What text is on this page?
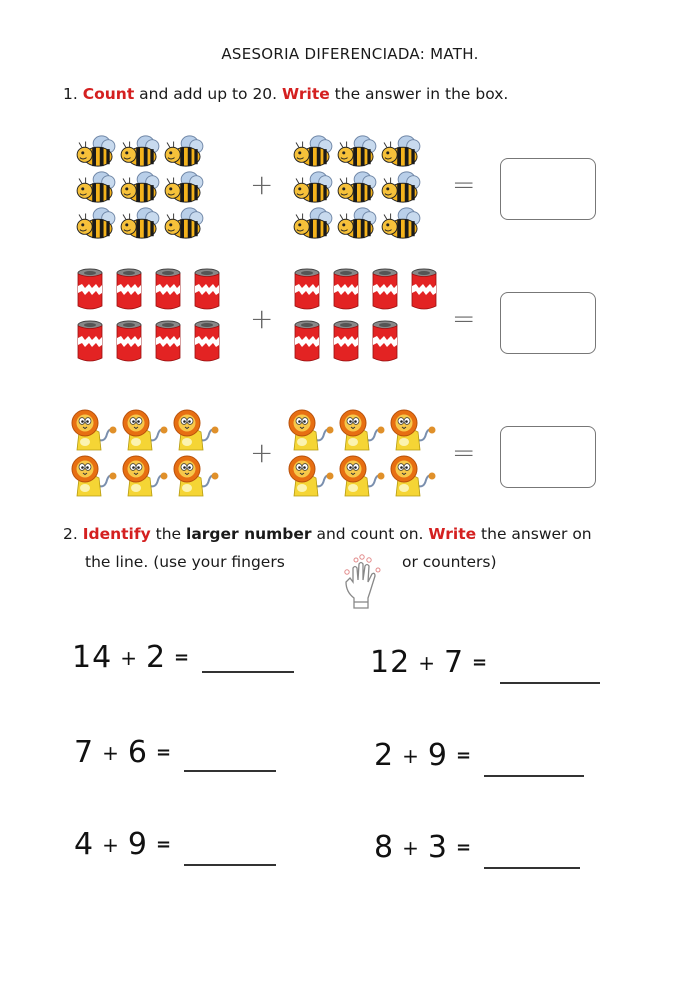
ASESORIA DIFERENCIADA: MATH.
1. Count and add up to 20. Write the answer in the box.
+	=
+	=
+	=
2. Identify the larger number and count on. Write the answer on
the line. (use your fingers	or counters)
14 + 2 =	12 + 7 =
7 + 6 =	2 + 9 =
4 + 9 =	8 + 3 =
